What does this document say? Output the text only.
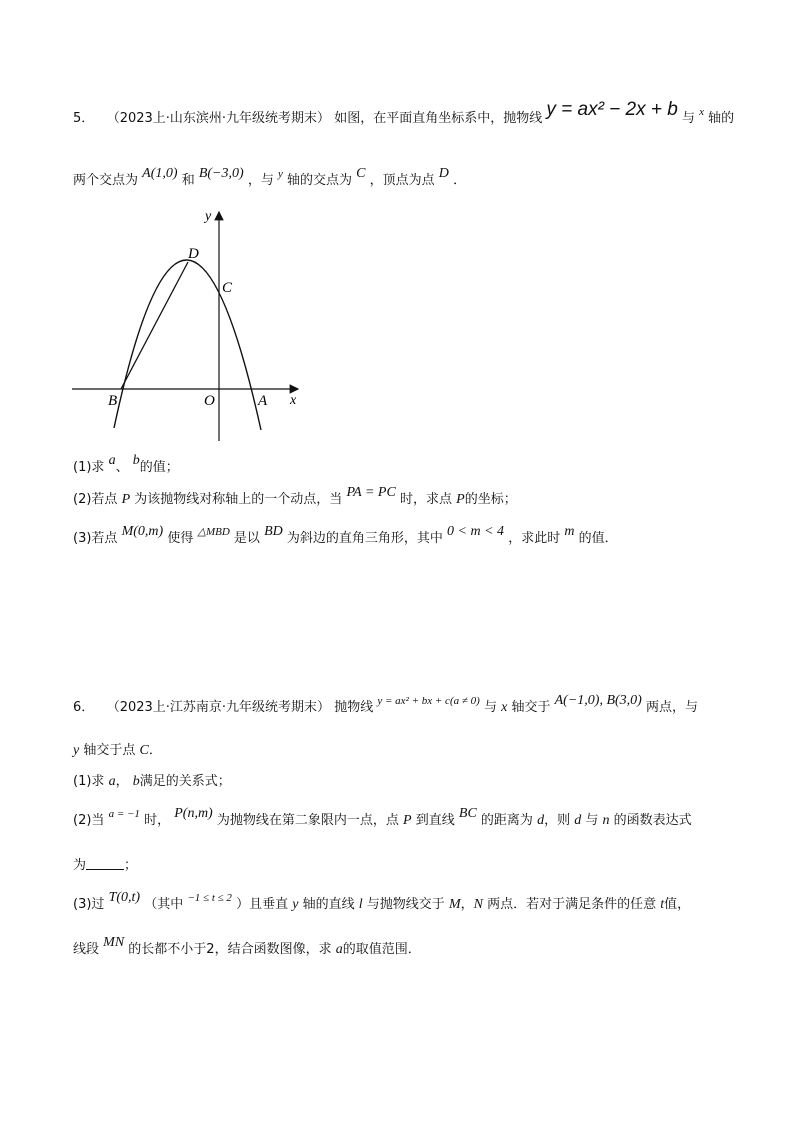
5． （2023上·山东滨州·九年级统考期末） 如图，在平面直角坐标系中，抛物线 y = ax² − 2x + b 与 $^x$ 轴的
两个交点为 A(1,0) 和 B(−3,0) ，与 $^y$ 轴的交点为 C ，顶点为点 D ．
y
x
O	A
B
C
D
(1)求 a、 b的值；
(2)若点 P 为该抛物线对称轴上的一个动点，当 PA = PC 时，求点 P的坐标；
(3)若点 M(0,m) 使得 $^{\triangle MBD}$ 是以 BD 为斜边的直角三角形，其中 0 < m < 4 ，求此时 m 的值．
6． （2023上·江苏南京·九年级统考期末） 抛物线 $^{y = ax^2 + bx + c(a \ne 0)}$ 与 x 轴交于 A(−1,0), B(3,0) 两点，与
y 轴交于点 C．
(1)求 a， b满足的关系式；
(2)当 $^{a = -1}$ 时， P(n,m) 为抛物线在第二象限内一点，点 P 到直线 BC 的距离为 d，则 d 与 n 的函数表达式
为	；
(3)过 T(0,t) （其中 $^{-1 \le t \le 2}$ ）且垂直 y 轴的直线 l 与抛物线交于 M，N 两点．若对于满足条件的任意 t值，
线段 MN 的长都不小于2，结合函数图像，求 a的取值范围．
